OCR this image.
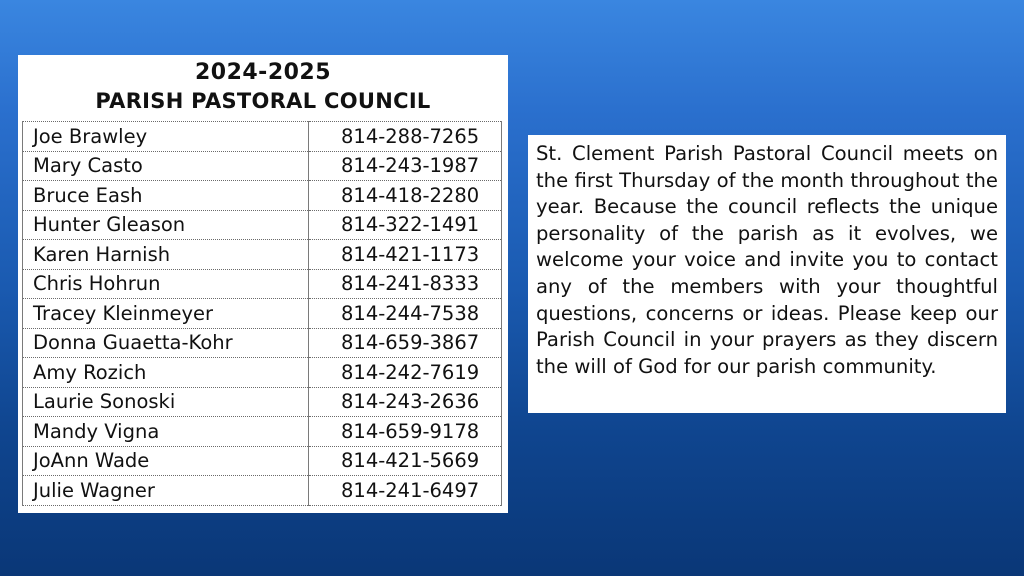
2024-2025
PARISH PASTORAL COUNCIL
Joe Brawley	814-288-7265
Mary Casto	814-243-1987
Bruce Eash	814-418-2280
Hunter Gleason	814-322-1491
Karen Harnish	814-421-1173
Chris Hohrun	814-241-8333
Tracey Kleinmeyer	814-244-7538
Donna Guaetta-Kohr	814-659-3867
Amy Rozich	814-242-7619
Laurie Sonoski	814-243-2636
Mandy Vigna	814-659-9178
JoAnn Wade	814-421-5669
Julie Wagner	814-241-6497

St. Clement Parish Pastoral Council meets on the first Thursday of the month throughout the year. Because the council reflects the unique personality of the parish as it evolves, we welcome your voice and invite you to contact any of the members with your thoughtful questions, concerns or ideas. Please keep our Parish Council in your prayers as they discern the will of God for our parish community.
